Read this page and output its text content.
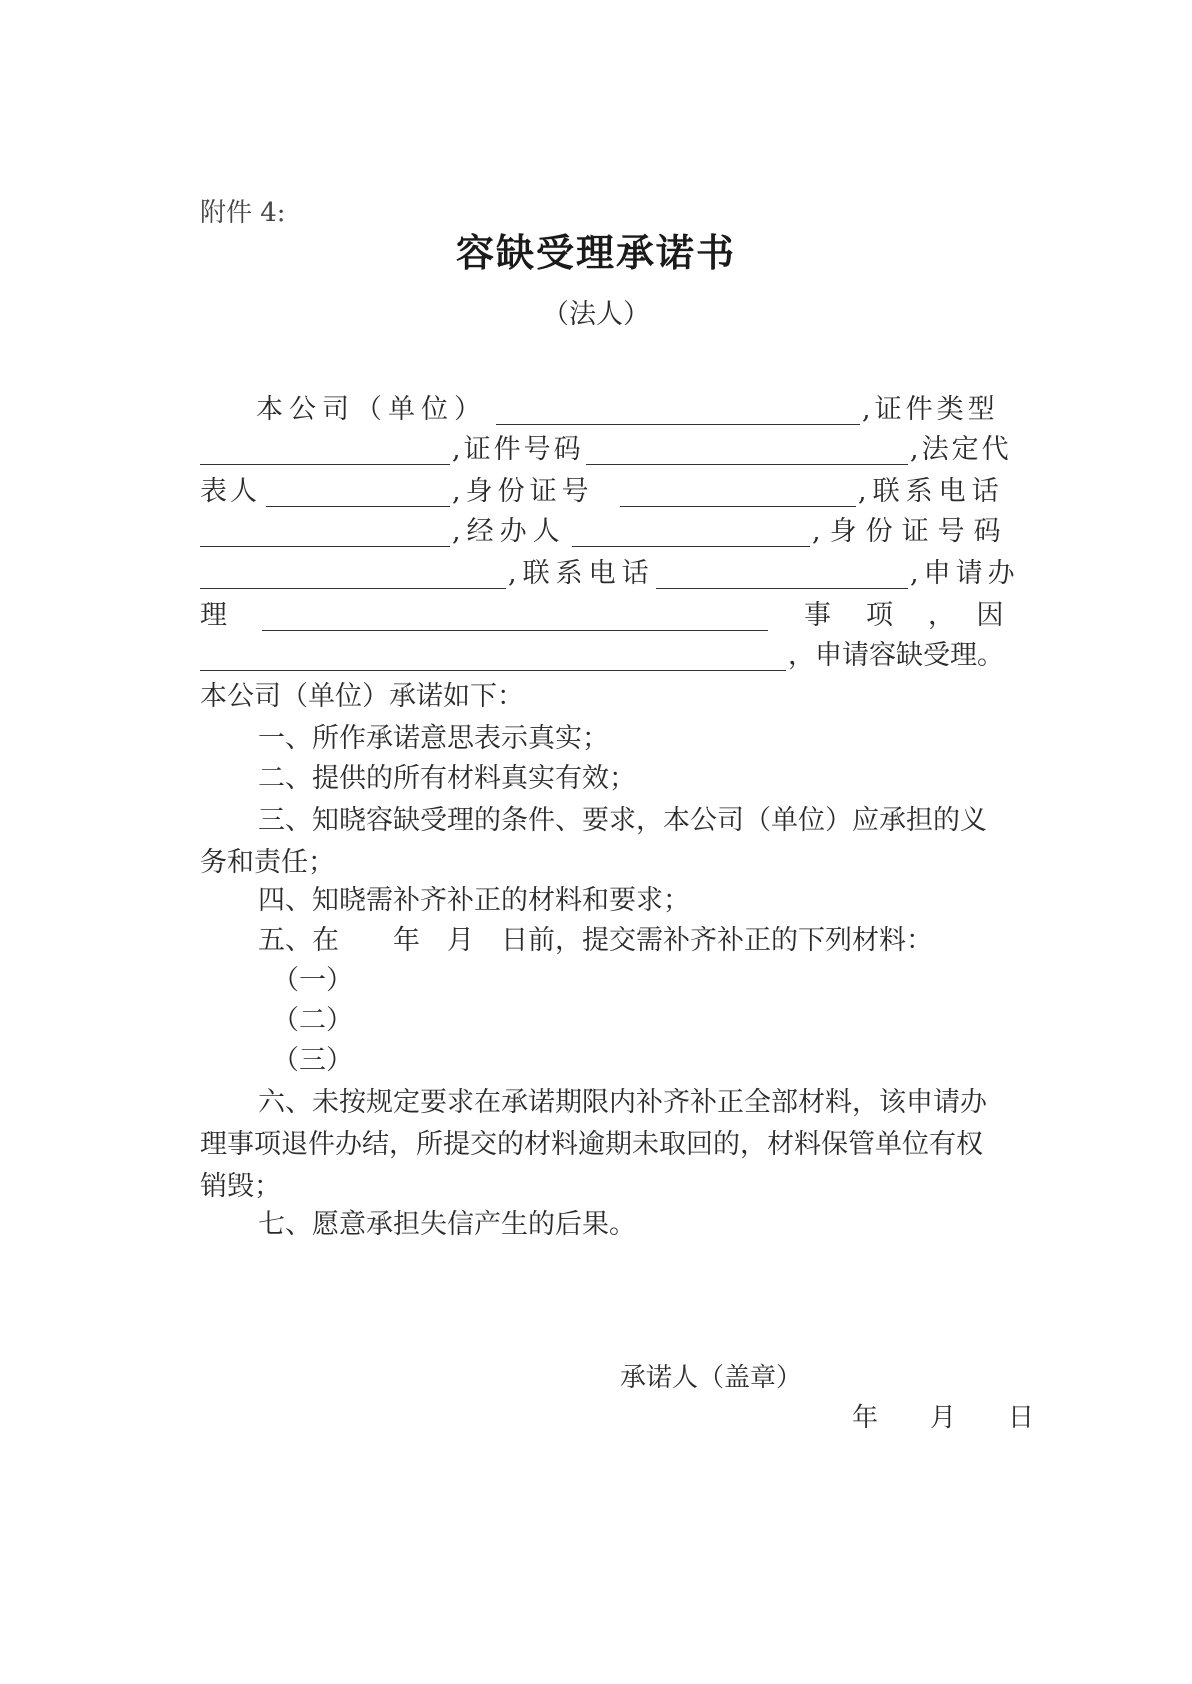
附件 4:
容缺受理承诺书
（法人）
本公司（单位）	,证件类型
,证件号码	,法定代
表人	,身份证号	,联系电话
,经办人	,身份证号码
,联系电话	,申请办
理	事　项　，　因
，申请容缺受理。
本公司（单位）承诺如下：
一、所作承诺意思表示真实；
二、提供的所有材料真实有效；
三、知晓容缺受理的条件、要求，本公司（单位）应承担的义务和责任；
四、知晓需补齐补正的材料和要求；
五、在　　年　月　日前，提交需补齐补正的下列材料：
（一）
（二）
（三）
六、未按规定要求在承诺期限内补齐补正全部材料，该申请办理事项退件办结，所提交的材料逾期未取回的，材料保管单位有权销毁；
七、愿意承担失信产生的后果。
承诺人（盖章）
年　　月　　日
